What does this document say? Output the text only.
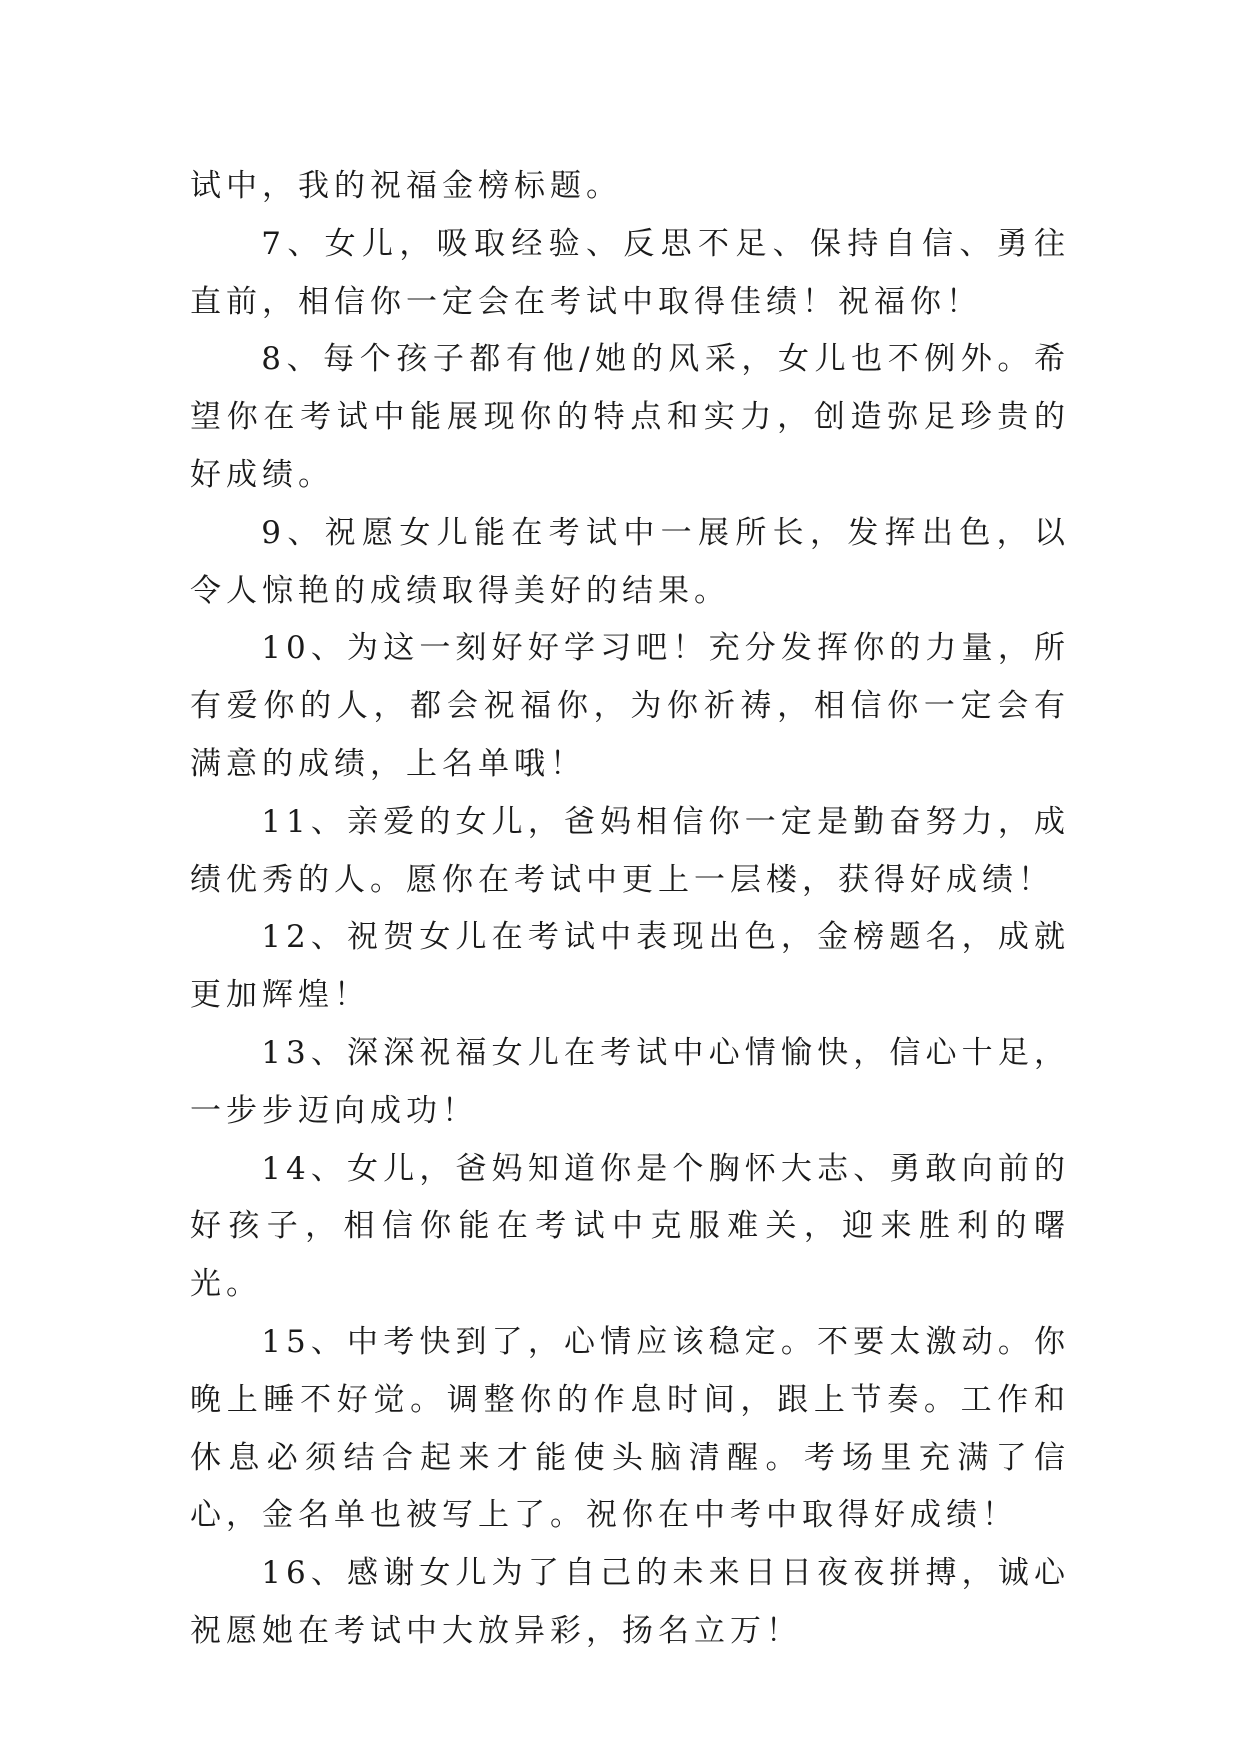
试中，我的祝福金榜标题。

7、女儿，吸取经验、反思不足、保持自信、勇往直前，相信你一定会在考试中取得佳绩！祝福你！

8、每个孩子都有他/她的风采，女儿也不例外。希望你在考试中能展现你的特点和实力，创造弥足珍贵的好成绩。

9、祝愿女儿能在考试中一展所长，发挥出色，以令人惊艳的成绩取得美好的结果。

10、为这一刻好好学习吧！充分发挥你的力量，所有爱你的人，都会祝福你，为你祈祷，相信你一定会有满意的成绩，上名单哦！

11、亲爱的女儿，爸妈相信你一定是勤奋努力，成绩优秀的人。愿你在考试中更上一层楼，获得好成绩！

12、祝贺女儿在考试中表现出色，金榜题名，成就更加辉煌！

13、深深祝福女儿在考试中心情愉快，信心十足，一步步迈向成功！

14、女儿，爸妈知道你是个胸怀大志、勇敢向前的好孩子，相信你能在考试中克服难关，迎来胜利的曙光。

15、中考快到了，心情应该稳定。不要太激动。你晚上睡不好觉。调整你的作息时间，跟上节奏。工作和休息必须结合起来才能使头脑清醒。考场里充满了信心，金名单也被写上了。祝你在中考中取得好成绩！

16、感谢女儿为了自己的未来日日夜夜拼搏，诚心祝愿她在考试中大放异彩，扬名立万！
